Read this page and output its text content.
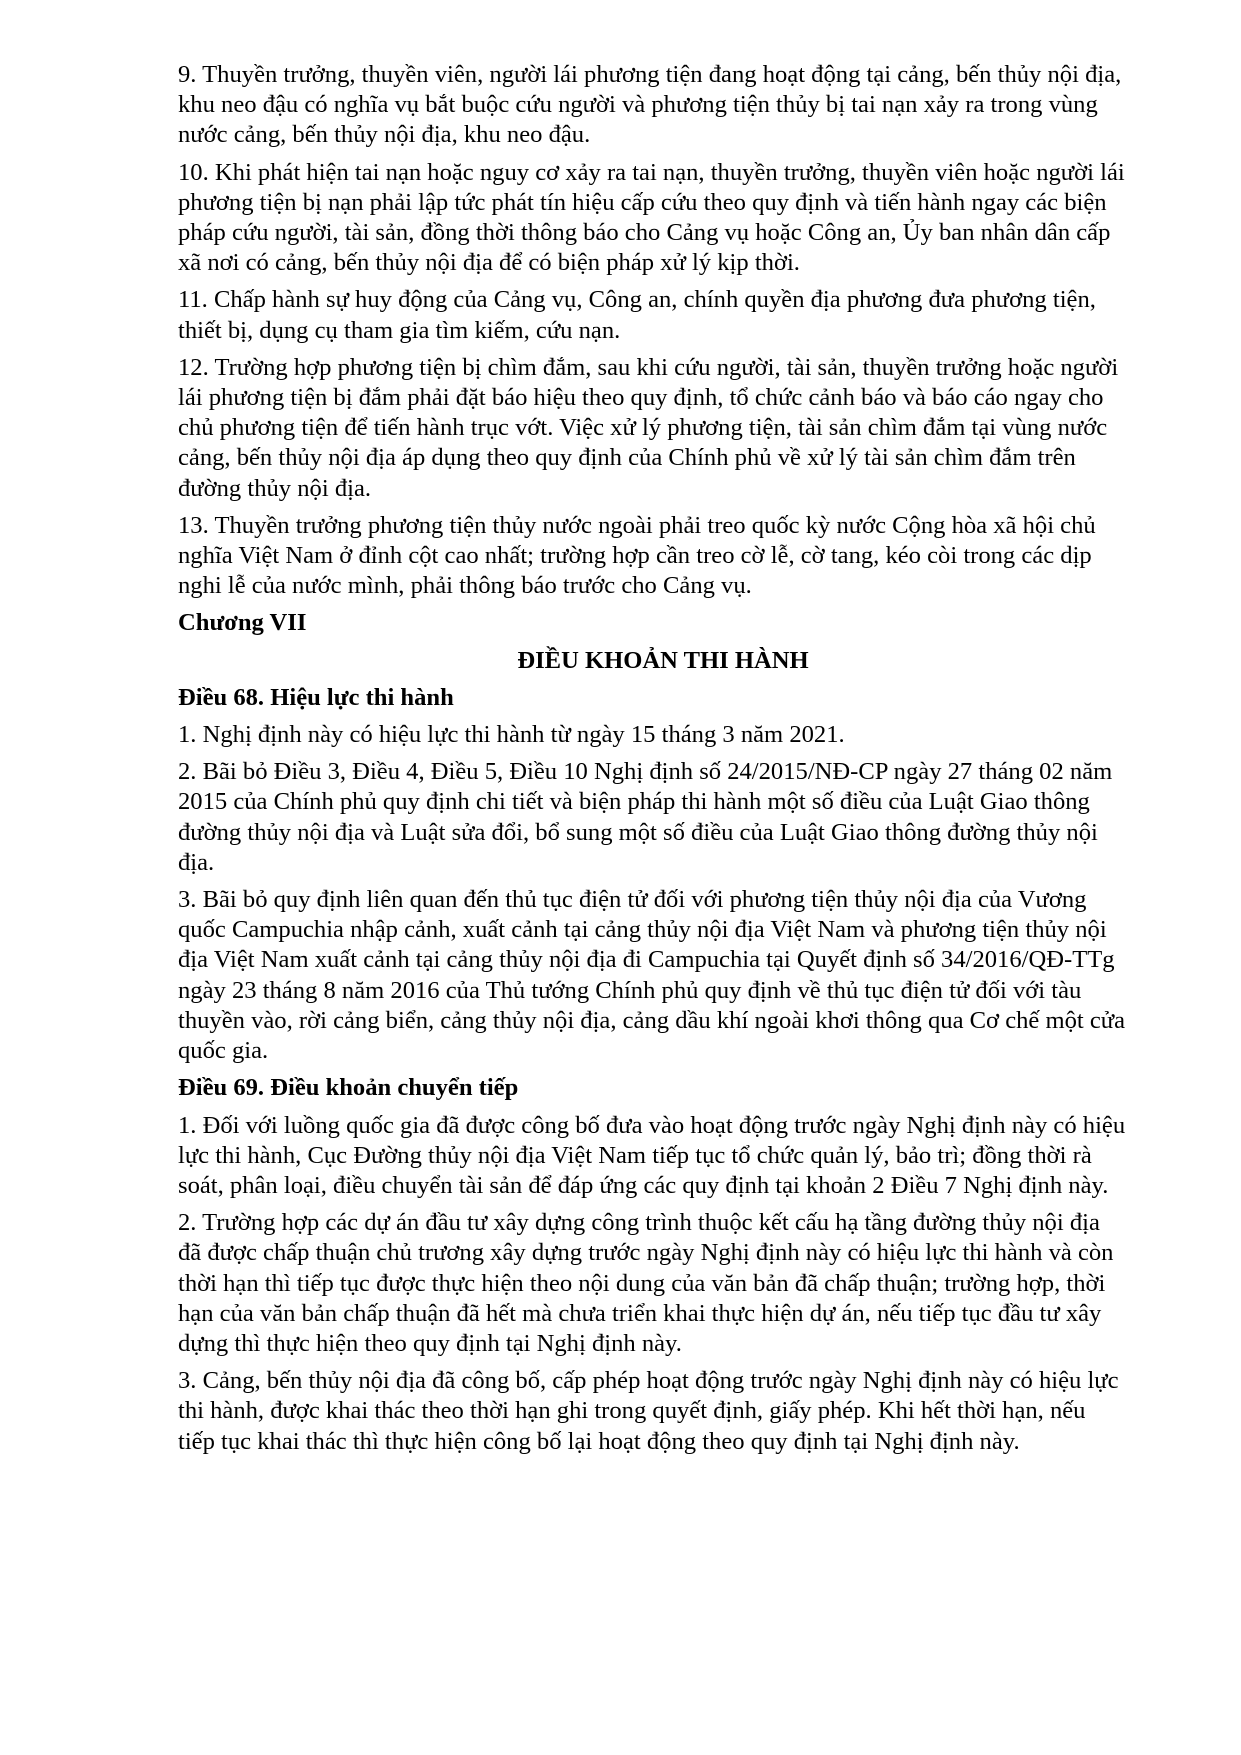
9. Thuyền trưởng, thuyền viên, người lái phương tiện đang hoạt động tại cảng, bến thủy nội địa, khu neo đậu có nghĩa vụ bắt buộc cứu người và phương tiện thủy bị tai nạn xảy ra trong vùng nước cảng, bến thủy nội địa, khu neo đậu.

10. Khi phát hiện tai nạn hoặc nguy cơ xảy ra tai nạn, thuyền trưởng, thuyền viên hoặc người lái phương tiện bị nạn phải lập tức phát tín hiệu cấp cứu theo quy định và tiến hành ngay các biện pháp cứu người, tài sản, đồng thời thông báo cho Cảng vụ hoặc Công an, Ủy ban nhân dân cấp xã nơi có cảng, bến thủy nội địa để có biện pháp xử lý kịp thời.

11. Chấp hành sự huy động của Cảng vụ, Công an, chính quyền địa phương đưa phương tiện, thiết bị, dụng cụ tham gia tìm kiếm, cứu nạn.

12. Trường hợp phương tiện bị chìm đắm, sau khi cứu người, tài sản, thuyền trưởng hoặc người lái phương tiện bị đắm phải đặt báo hiệu theo quy định, tổ chức cảnh báo và báo cáo ngay cho chủ phương tiện để tiến hành trục vớt. Việc xử lý phương tiện, tài sản chìm đắm tại vùng nước cảng, bến thủy nội địa áp dụng theo quy định của Chính phủ về xử lý tài sản chìm đắm trên đường thủy nội địa.

13. Thuyền trưởng phương tiện thủy nước ngoài phải treo quốc kỳ nước Cộng hòa xã hội chủ nghĩa Việt Nam ở đỉnh cột cao nhất; trường hợp cần treo cờ lễ, cờ tang, kéo còi trong các dịp nghi lễ của nước mình, phải thông báo trước cho Cảng vụ.

Chương VII

ĐIỀU KHOẢN THI HÀNH

Điều 68. Hiệu lực thi hành

1. Nghị định này có hiệu lực thi hành từ ngày 15 tháng 3 năm 2021.

2. Bãi bỏ Điều 3, Điều 4, Điều 5, Điều 10 Nghị định số 24/2015/NĐ-CP ngày 27 tháng 02 năm 2015 của Chính phủ quy định chi tiết và biện pháp thi hành một số điều của Luật Giao thông đường thủy nội địa và Luật sửa đổi, bổ sung một số điều của Luật Giao thông đường thủy nội địa.

3. Bãi bỏ quy định liên quan đến thủ tục điện tử đối với phương tiện thủy nội địa của Vương quốc Campuchia nhập cảnh, xuất cảnh tại cảng thủy nội địa Việt Nam và phương tiện thủy nội địa Việt Nam xuất cảnh tại cảng thủy nội địa đi Campuchia tại Quyết định số 34/2016/QĐ-TTg ngày 23 tháng 8 năm 2016 của Thủ tướng Chính phủ quy định về thủ tục điện tử đối với tàu thuyền vào, rời cảng biển, cảng thủy nội địa, cảng dầu khí ngoài khơi thông qua Cơ chế một cửa quốc gia.

Điều 69. Điều khoản chuyển tiếp

1. Đối với luồng quốc gia đã được công bố đưa vào hoạt động trước ngày Nghị định này có hiệu lực thi hành, Cục Đường thủy nội địa Việt Nam tiếp tục tổ chức quản lý, bảo trì; đồng thời rà soát, phân loại, điều chuyển tài sản để đáp ứng các quy định tại khoản 2 Điều 7 Nghị định này.

2. Trường hợp các dự án đầu tư xây dựng công trình thuộc kết cấu hạ tầng đường thủy nội địa đã được chấp thuận chủ trương xây dựng trước ngày Nghị định này có hiệu lực thi hành và còn thời hạn thì tiếp tục được thực hiện theo nội dung của văn bản đã chấp thuận; trường hợp, thời hạn của văn bản chấp thuận đã hết mà chưa triển khai thực hiện dự án, nếu tiếp tục đầu tư xây dựng thì thực hiện theo quy định tại Nghị định này.

3. Cảng, bến thủy nội địa đã công bố, cấp phép hoạt động trước ngày Nghị định này có hiệu lực thi hành, được khai thác theo thời hạn ghi trong quyết định, giấy phép. Khi hết thời hạn, nếu tiếp tục khai thác thì thực hiện công bố lại hoạt động theo quy định tại Nghị định này.
